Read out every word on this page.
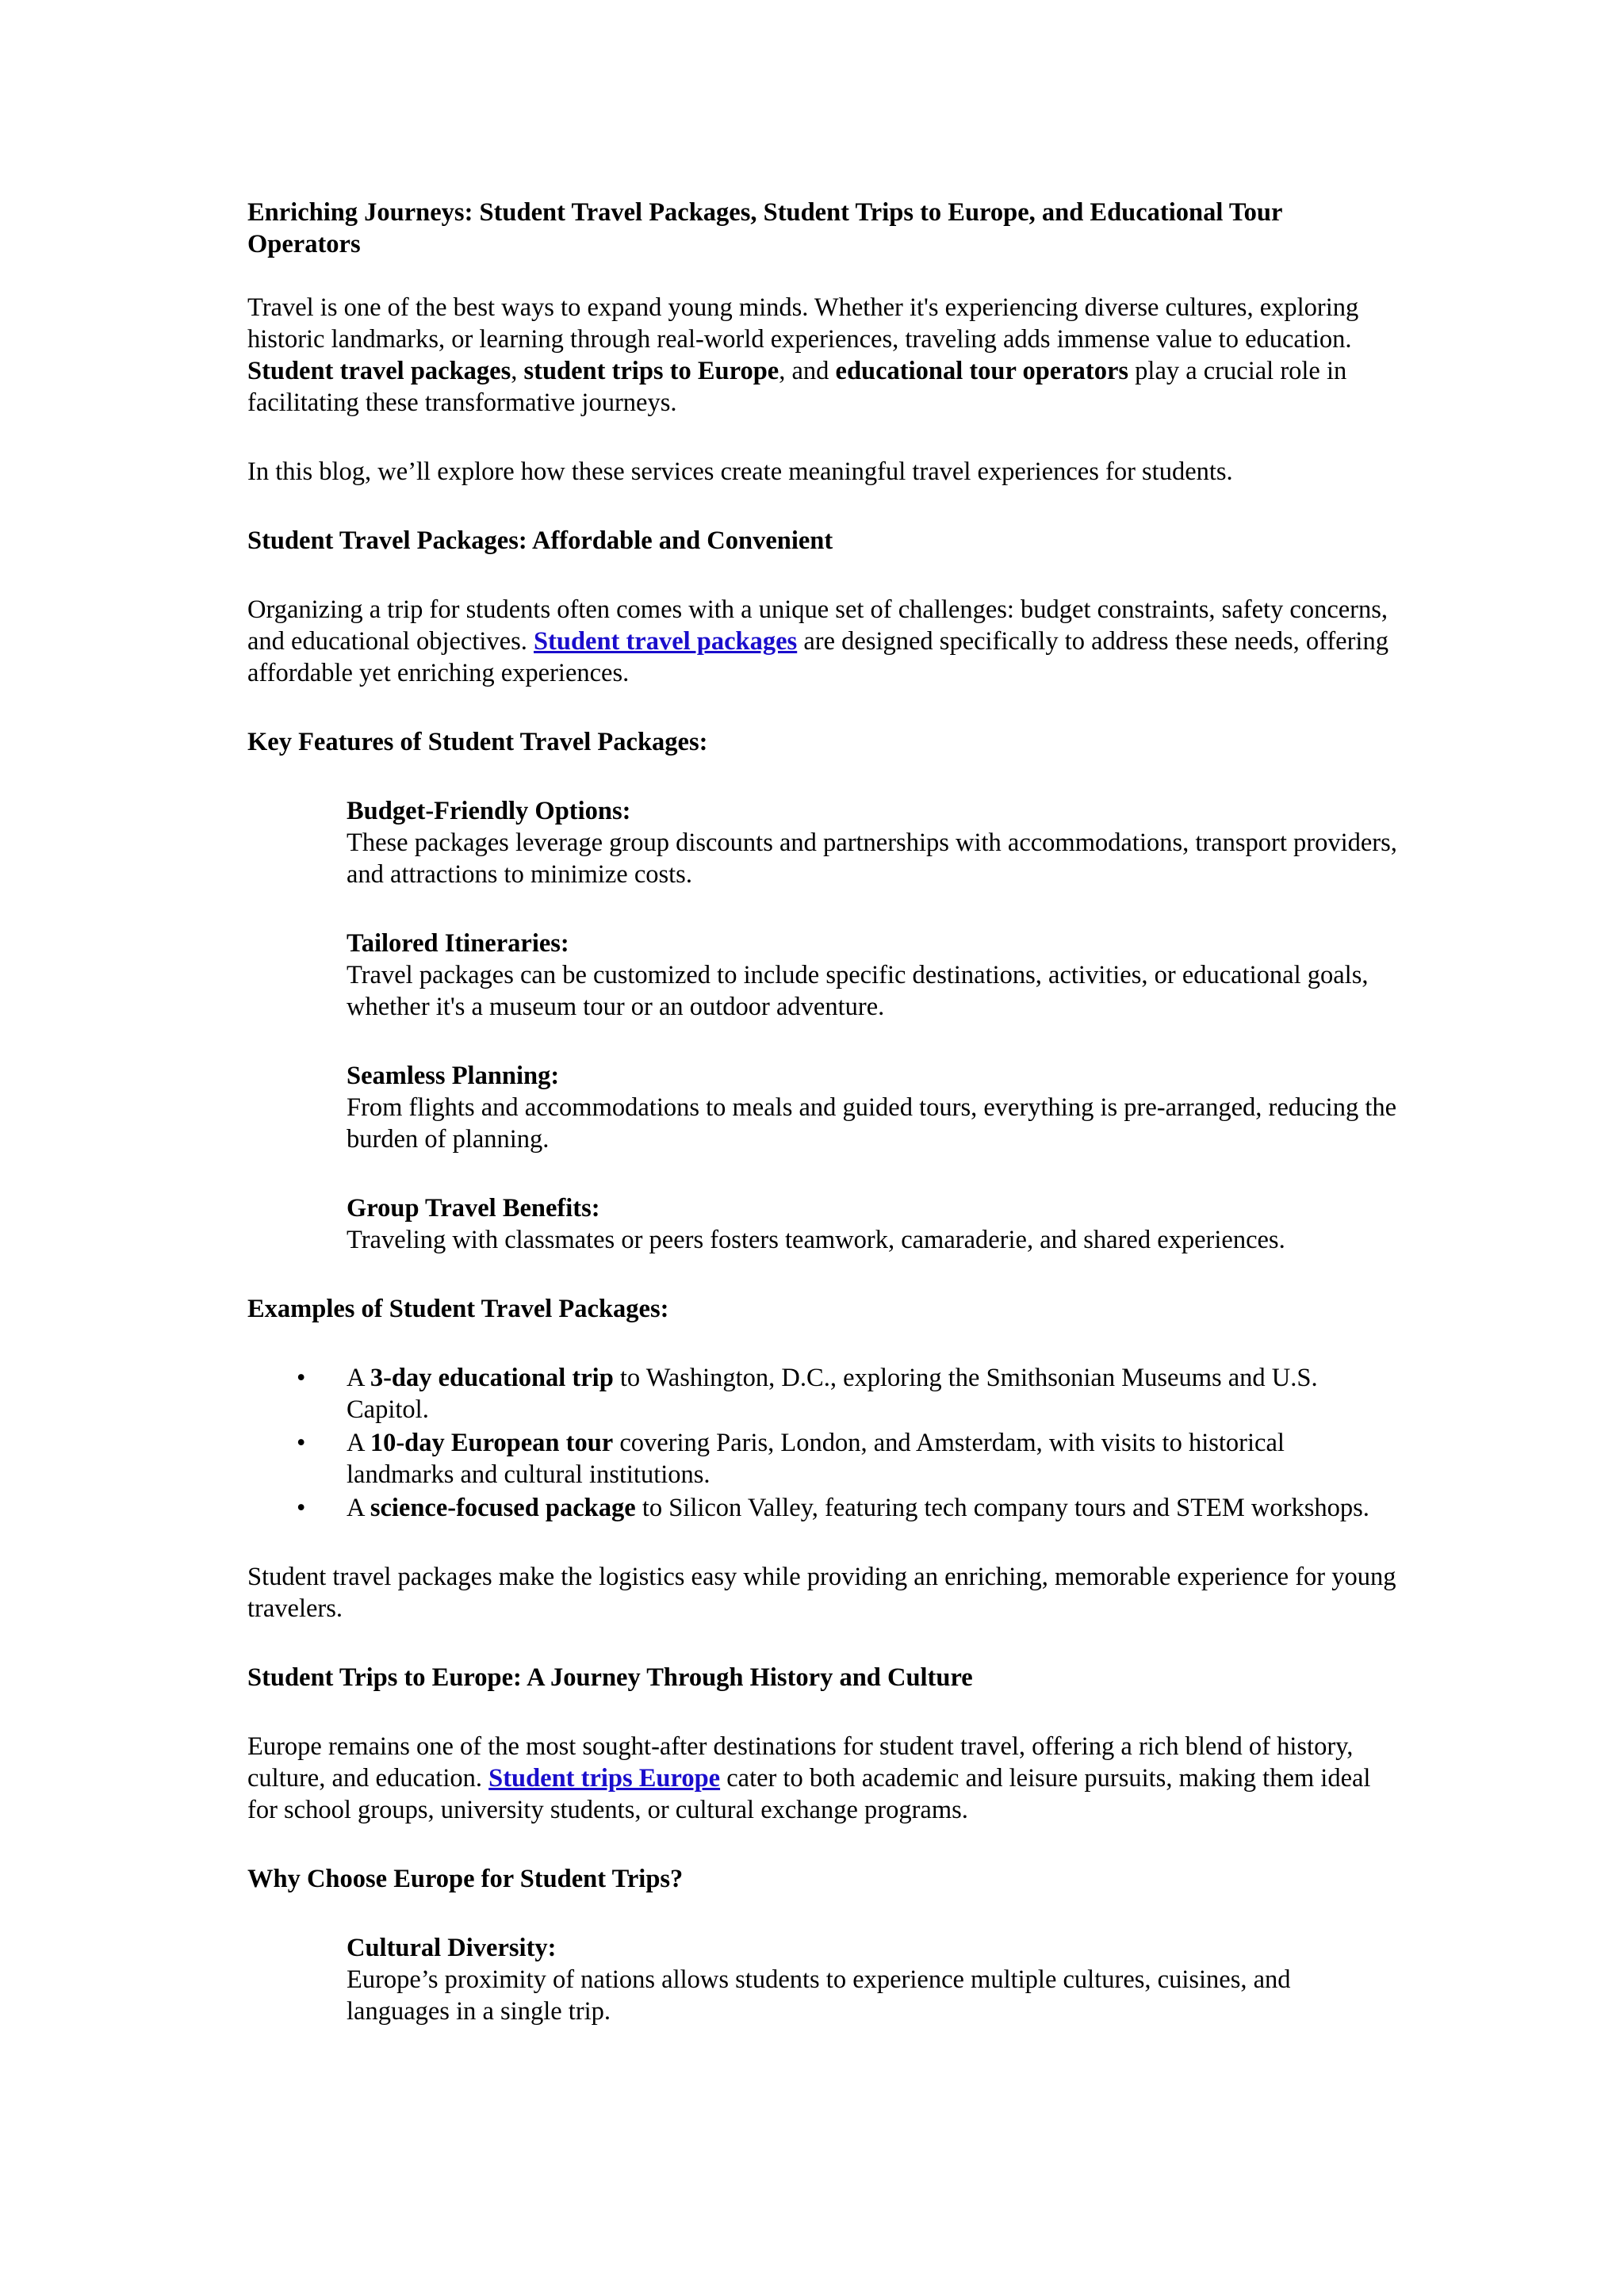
Enriching Journeys: Student Travel Packages, Student Trips to Europe, and Educational Tour Operators

Travel is one of the best ways to expand young minds. Whether it's experiencing diverse cultures, exploring historic landmarks, or learning through real-world experiences, traveling adds immense value to education. Student travel packages, student trips to Europe, and educational tour operators play a crucial role in facilitating these transformative journeys.

In this blog, we’ll explore how these services create meaningful travel experiences for students.

Student Travel Packages: Affordable and Convenient

Organizing a trip for students often comes with a unique set of challenges: budget constraints, safety concerns, and educational objectives. Student travel packages are designed specifically to address these needs, offering affordable yet enriching experiences.

Key Features of Student Travel Packages:

Budget-Friendly Options:
These packages leverage group discounts and partnerships with accommodations, transport providers, and attractions to minimize costs.
Tailored Itineraries:
Travel packages can be customized to include specific destinations, activities, or educational goals, whether it's a museum tour or an outdoor adventure.
Seamless Planning:
From flights and accommodations to meals and guided tours, everything is pre-arranged, reducing the burden of planning.
Group Travel Benefits:
Traveling with classmates or peers fosters teamwork, camaraderie, and shared experiences.

Examples of Student Travel Packages:

• A 3-day educational trip to Washington, D.C., exploring the Smithsonian Museums and U.S. Capitol.
• A 10-day European tour covering Paris, London, and Amsterdam, with visits to historical landmarks and cultural institutions.
• A science-focused package to Silicon Valley, featuring tech company tours and STEM workshops.

Student travel packages make the logistics easy while providing an enriching, memorable experience for young travelers.

Student Trips to Europe: A Journey Through History and Culture

Europe remains one of the most sought-after destinations for student travel, offering a rich blend of history, culture, and education. Student trips Europe cater to both academic and leisure pursuits, making them ideal for school groups, university students, or cultural exchange programs.

Why Choose Europe for Student Trips?

Cultural Diversity:
Europe’s proximity of nations allows students to experience multiple cultures, cuisines, and languages in a single trip.
